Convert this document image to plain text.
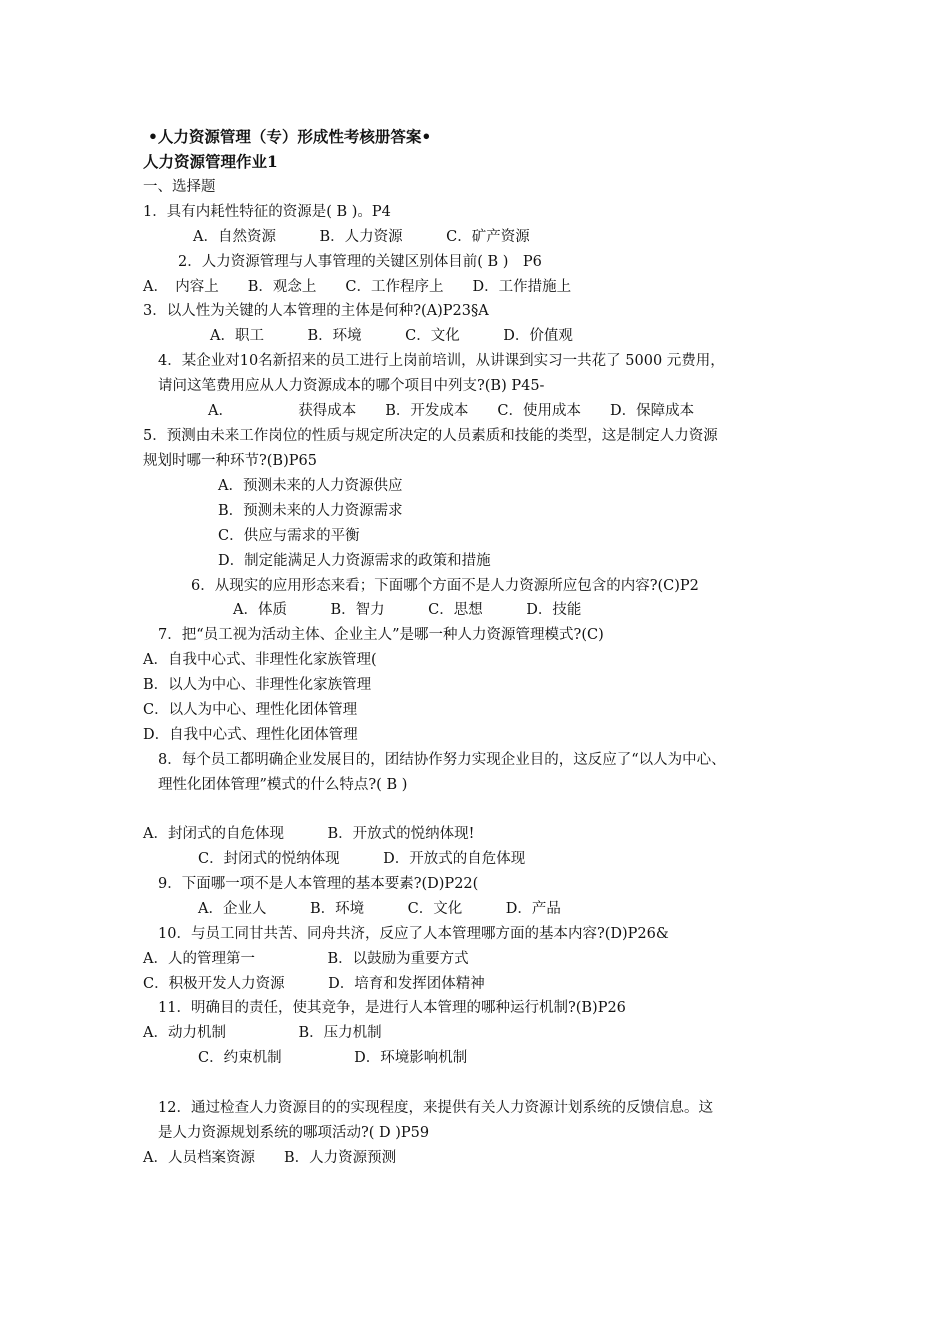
•人力资源管理（专）形成性考核册答案•
人力资源管理作业1
一、选择题
1．具有内耗性特征的资源是( B )。P4
A．自然资源　　　B．人力资源　　　C．矿产资源
2．人力资源管理与人事管理的关键区别体目前( B )　P6
A．　内容上　　B．观念上　　C．工作程序上　　D．工作措施上
3．以人性为关键的人本管理的主体是何种?(A)P23§A
A．职工　　　B．环境　　　C．文化　　　D．价值观
4．某企业对10名新招来的员工进行上岗前培训，从讲课到实习一共花了 5000 元费用，
请问这笔费用应从人力资源成本的哪个项目中列支?(B) P45-
A．　　　　　获得成本　　B．开发成本　　C．使用成本　　D．保障成本
5．预测由未来工作岗位的性质与规定所决定的人员素质和技能的类型，这是制定人力资源
规划时哪一种环节?(B)P65
A．预测未来的人力资源供应
B．预测未来的人力资源需求
C．供应与需求的平衡
D．制定能满足人力资源需求的政策和措施
6．从现实的应用形态来看；下面哪个方面不是人力资源所应包含的内容?(C)P2
A．体质　　　B．智力　　　C．思想　　　D．技能
7．把“员工视为活动主体、企业主人”是哪一种人力资源管理模式?(C)
A．自我中心式、非理性化家族管理(
B．以人为中心、非理性化家族管理
C．以人为中心、理性化团体管理
D．自我中心式、理性化团体管理
8．每个员工都明确企业发展目的，团结协作努力实现企业目的，这反应了“以人为中心、
理性化团体管理”模式的什么特点?( B )
A．封闭式的自危体现　　　B．开放式的悦纳体现!
C．封闭式的悦纳体现　　　D．开放式的自危体现
9．下面哪一项不是人本管理的基本要素?(D)P22(
A．企业人　　　B．环境　　　C．文化　　　D．产品
10．与员工同甘共苦、同舟共济，反应了人本管理哪方面的基本内容?(D)P26&
A．人的管理第一　　　　　B．以鼓励为重要方式
C．积极开发人力资源　　　D．培育和发挥团体精神
11．明确目的责任，使其竞争，是进行人本管理的哪种运行机制?(B)P26
A．动力机制　　　　　B．压力机制
C．约束机制　　　　　D．环境影响机制
12．通过检查人力资源目的的实现程度，来提供有关人力资源计划系统的反馈信息。这
是人力资源规划系统的哪项活动?( D )P59
A．人员档案资源　　B．人力资源预测
